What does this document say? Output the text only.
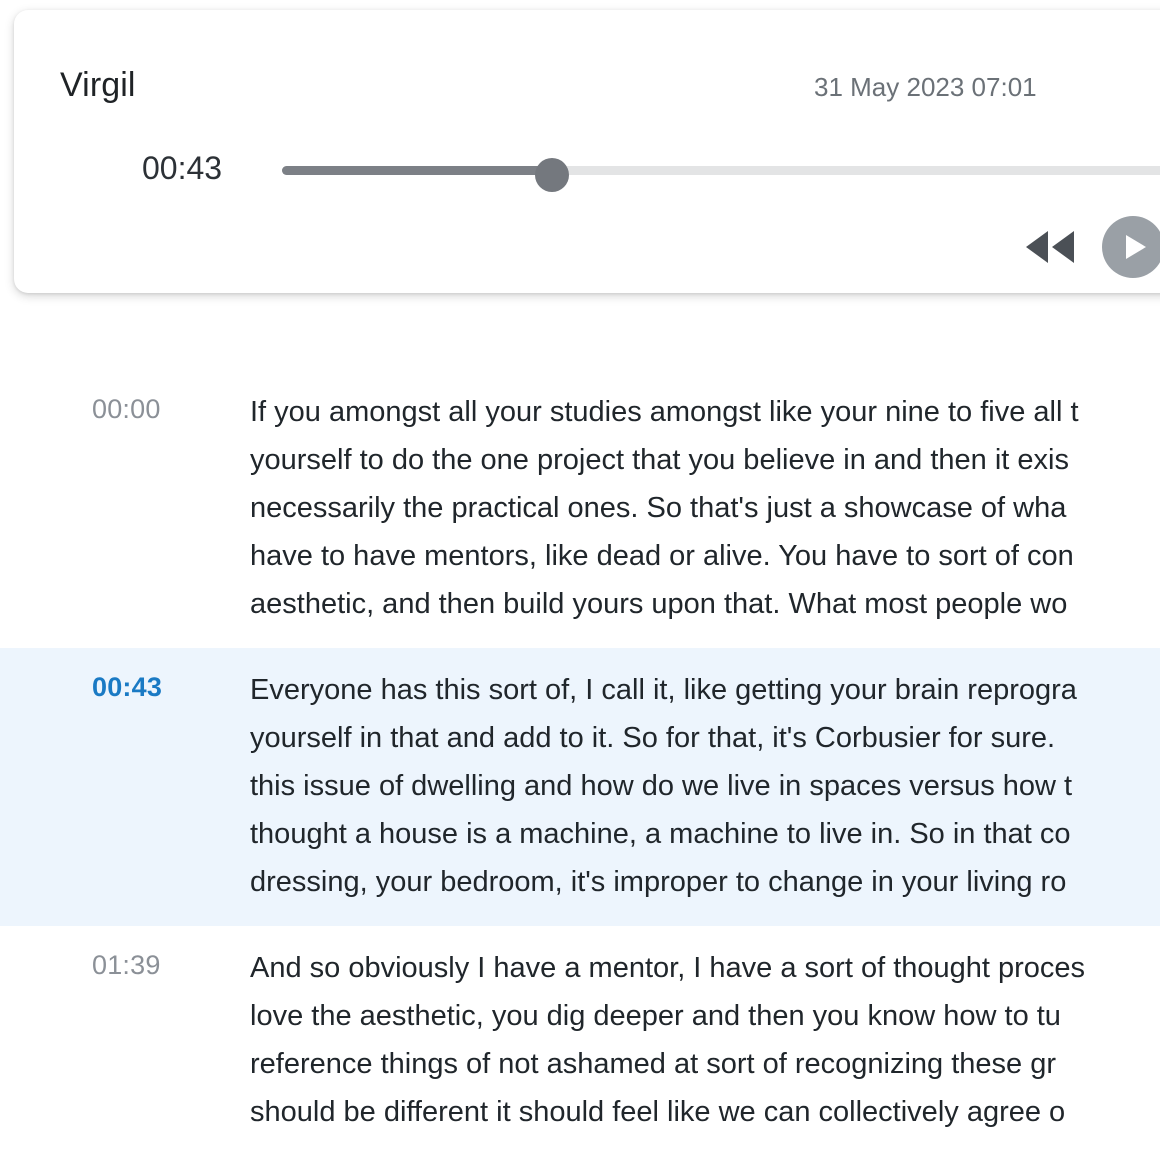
Virgil	31 May 2023 07:01
00:43
00:00	If you amongst all your studies amongst like your nine to five all t
yourself to do the one project that you believe in and then it exis
necessarily the practical ones. So that's just a showcase of wha
have to have mentors, like dead or alive. You have to sort of con
aesthetic, and then build yours upon that. What most people wo
00:43	Everyone has this sort of, I call it, like getting your brain reprogra
yourself in that and add to it. So for that, it's Corbusier for sure.
this issue of dwelling and how do we live in spaces versus how t
thought a house is a machine, a machine to live in. So in that co
dressing, your bedroom, it's improper to change in your living ro
01:39	And so obviously I have a mentor, I have a sort of thought proces
love the aesthetic, you dig deeper and then you know how to tu
reference things of not ashamed at sort of recognizing these gr
should be different it should feel like we can collectively agree o
